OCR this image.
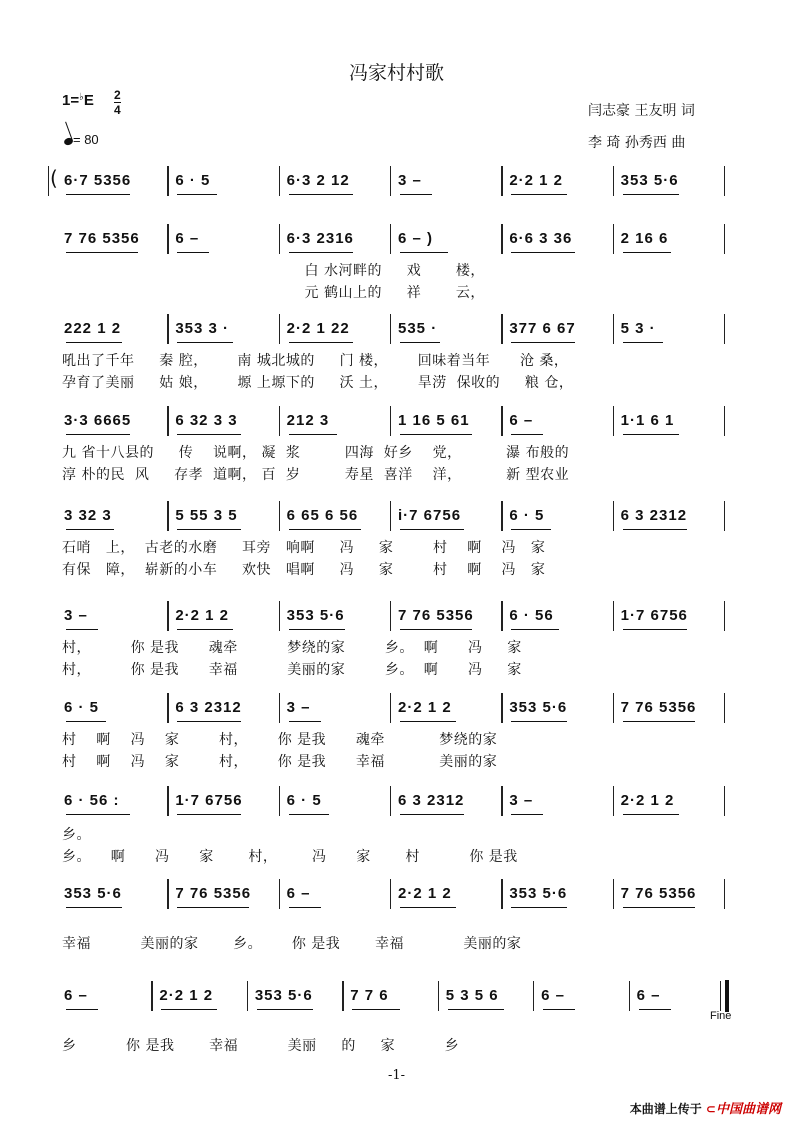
冯家村村歌
1=♭E 2
4
= 80
闫志豪 王友明 词
李 琦 孙秀西 曲
6·7 5356	6 · 5	6·3 2 12	3 –	2·2 1 2	353 5·6
(
7 76 5356 6 –	6·3 2316	6 – )	6·6 3 36	2 16 6
白 水河畔的     戏       楼，
元 鹤山上的     祥       云，
222 1 2	353 3 ·	2·2 1 22	535 ·	377 6 67	5 3 ·
吼出了千年     秦 腔，      南 城北城的     门 楼，      回味着当年      沧 桑，
孕育了美丽     姑 娘，      塬 上塬下的     沃 土，      旱涝  保收的     粮 仓，
3·3 6665	6 32 3 3	212 3	1 16 5 61	6 –	1·1 6 1
九 省十八县的     传    说啊， 凝  浆         四海  好乡    党，         瀑 布般的
淳 朴的民  风     存孝  道啊， 百  岁         寿星  喜洋    洋，         新 型农业
3 32 3	5 55 3 5	6 65 6 56	i·7 6756	6 · 5	6 3 2312
石哨   上，  古老的水磨     耳旁   响啊     冯     家        村    啊    冯   家
有保   障，  崭新的小车     欢快   唱啊     冯     家        村    啊    冯   家
3 –	2·2 1 2	353 5·6	7 76 5356 6 · 56	1·7 6756
村，        你 是我      魂牵          梦绕的家        乡。  啊      冯     家
村，        你 是我      幸福          美丽的家        乡。  啊      冯     家
6 · 5	6 3 2312	3 –	2·2 1 2	353 5·6	7 76 5356
村    啊    冯    家        村，      你 是我      魂牵           梦绕的家
村    啊    冯    家        村，      你 是我      幸福           美丽的家
6 · 56 :	1·7 6756	6 · 5	6 3 2312	3 –	2·2 1 2
乡。
乡。    啊      冯      家       村，       冯      家       村          你 是我
353 5·6	7 76 5356 6 –	2·2 1 2	353 5·6	7 76 5356
幸福          美丽的家       乡。      你 是我       幸福            美丽的家
6 –	2·2 1 2	353 5·6	7 7 6	5 3 5 6	6 –	6 –
乡          你 是我       幸福          美丽     的     家          乡
Fine
-1-
本曲谱上传于 ⊂中国曲谱网
